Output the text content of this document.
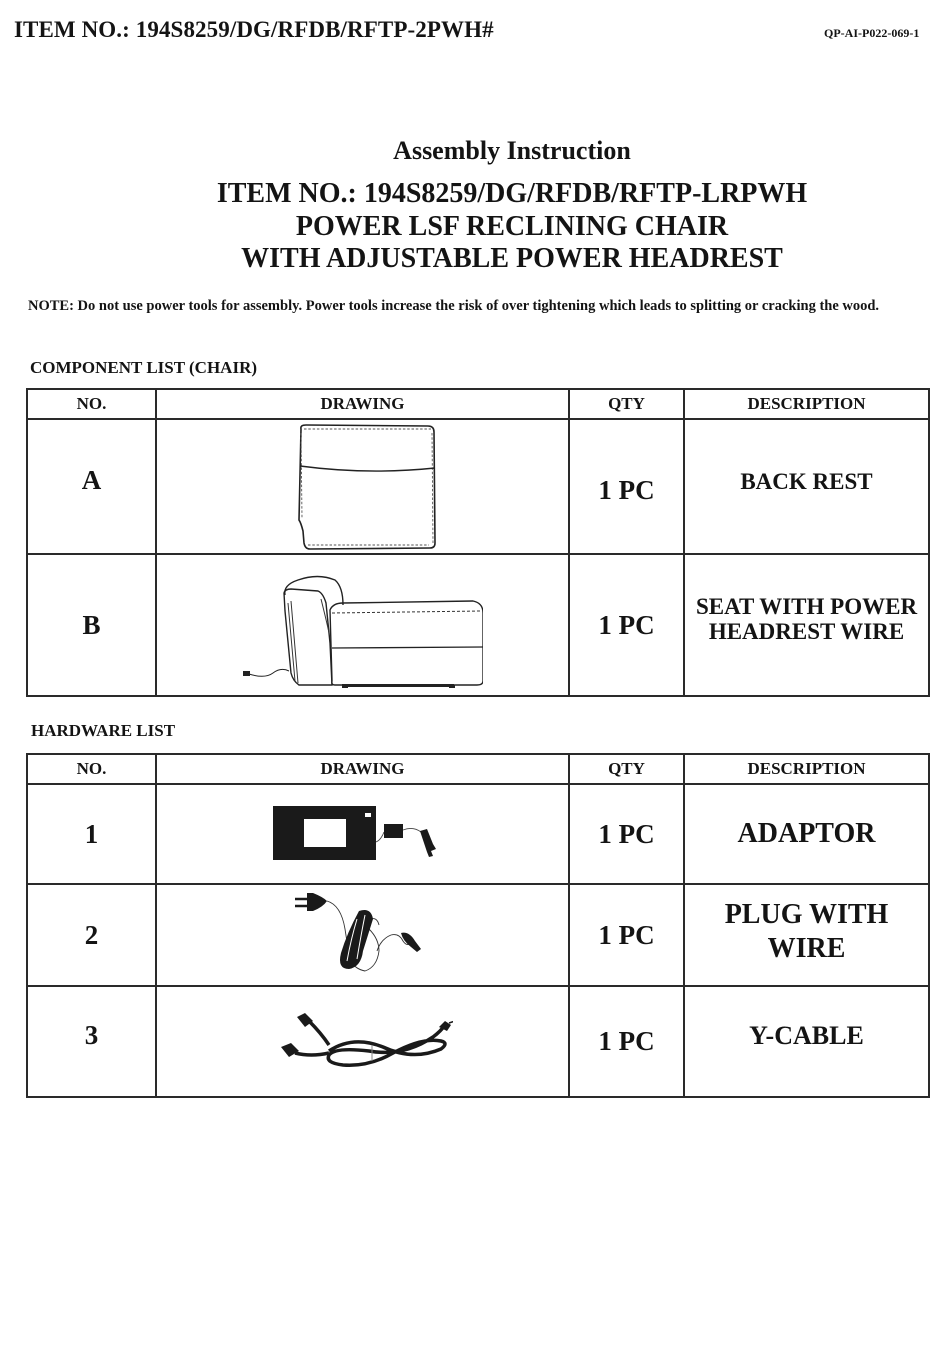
ITEM NO.: 194S8259/DG/RFDB/RFTP-2PWH#	QP-AI-P022-069-1
Assembly Instruction
ITEM NO.: 194S8259/DG/RFDB/RFTP-LRPWH
POWER LSF RECLINING CHAIR
WITH ADJUSTABLE POWER HEADREST
NOTE: Do not use power tools for assembly. Power tools increase the risk of over tightening which leads to splitting or cracking the wood.
COMPONENT LIST (CHAIR)
NO.	DRAWING	QTY	DESCRIPTION
A		1 PC	BACK REST
B		1 PC	SEAT WITH POWER
HEADREST WIRE
HARDWARE LIST
NO.	DRAWING	QTY	DESCRIPTION
1		1 PC	ADAPTOR
2		1 PC	PLUG WITH
WIRE

3		1 PC	Y-CABLE
